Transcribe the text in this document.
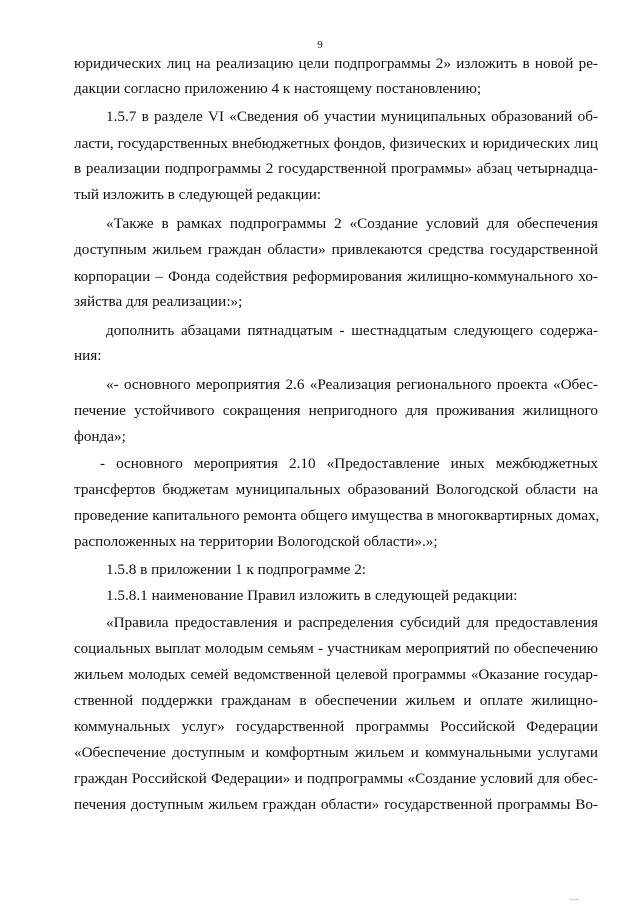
9
юридических лиц на реализацию цели подпрограммы 2» изложить в новой ре-
дакции согласно приложению 4 к настоящему постановлению;
1.5.7 в разделе VI «Сведения об участии муниципальных образований об-
ласти, государственных внебюджетных фондов, физических и юридических лиц
в реализации подпрограммы 2 государственной программы» абзац четырнадца-
тый изложить в следующей редакции:
«Также в рамках подпрограммы 2 «Создание условий для обеспечения
доступным жильем граждан области» привлекаются средства государственной
корпорации – Фонда содействия реформирования жилищно-коммунального хо-
зяйства для реализации:»;
дополнить абзацами пятнадцатым - шестнадцатым следующего содержа-
ния:
«- основного мероприятия 2.6 «Реализация регионального проекта «Обес-
печение устойчивого сокращения непригодного для проживания жилищного
фонда»;
- основного мероприятия 2.10 «Предоставление иных межбюджетных
трансфертов бюджетам муниципальных образований Вологодской области на
проведение капитального ремонта общего имущества в многоквартирных домах,
расположенных на территории Вологодской области».»;
1.5.8 в приложении 1 к подпрограмме 2:
1.5.8.1 наименование Правил изложить в следующей редакции:
«Правила предоставления и распределения субсидий для предоставления
социальных выплат молодым семьям - участникам мероприятий по обеспечению
жильем молодых семей ведомственной целевой программы «Оказание государ-
ственной поддержки гражданам в обеспечении жильем и оплате жилищно-
коммунальных услуг» государственной программы Российской Федерации
«Обеспечение доступным и комфортным жильем и коммунальными услугами
граждан Российской Федерации» и подпрограммы «Создание условий для обес-
печения доступным жильем граждан области» государственной программы Во-
...
